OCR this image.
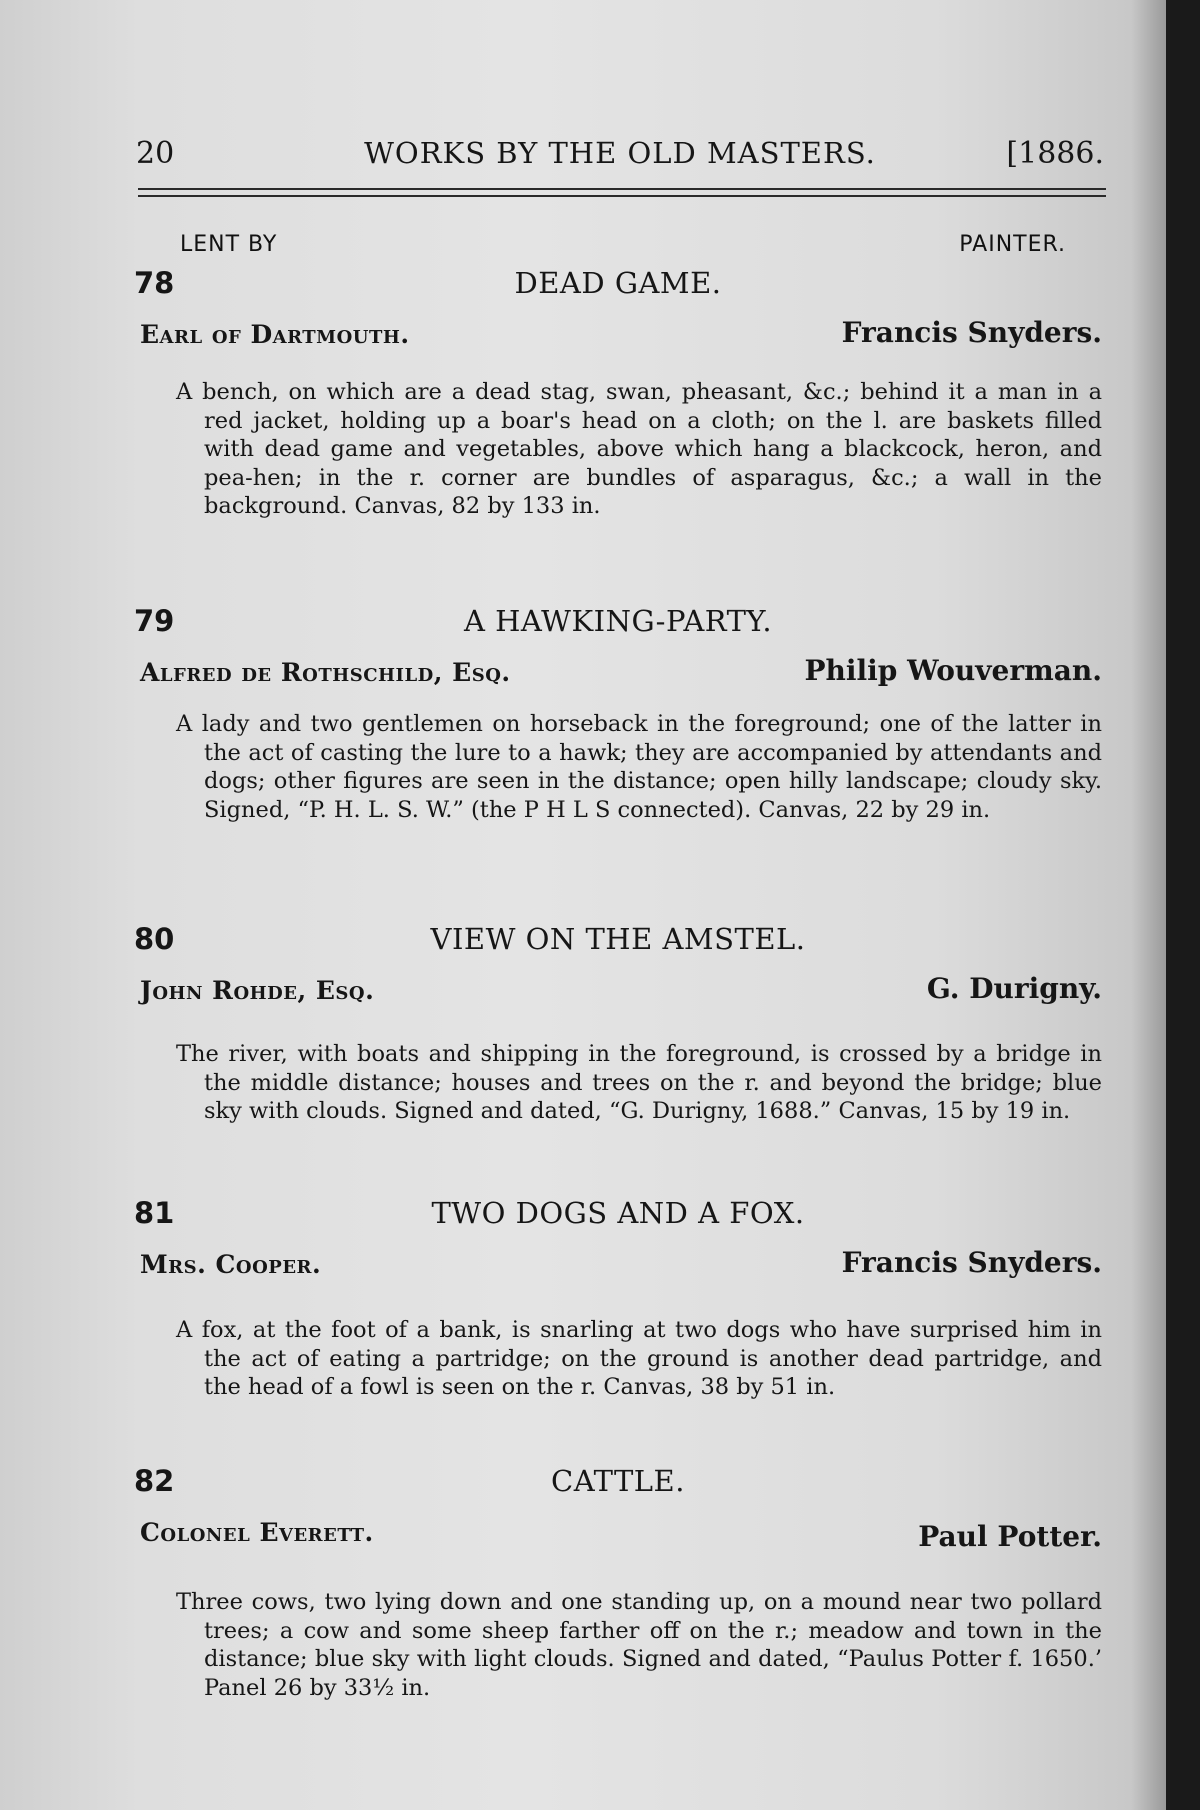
20	WORKS BY THE OLD MASTERS.	[1886.
LENT BY	PAINTER.
78	DEAD GAME.
Earl of Dartmouth.	Francis Snyders.
A bench, on which are a dead stag, swan, pheasant, &c.; behind it a man in a red jacket, holding up a boar's head on a cloth; on the l. are baskets filled with dead game and vegetables, above which hang a blackcock, heron, and pea-hen; in the r. corner are bundles of asparagus, &c.; a wall in the background. Canvas, 82 by 133 in.
79	A HAWKING-PARTY.
Alfred de Rothschild, Esq.	Philip Wouverman.
A lady and two gentlemen on horseback in the foreground; one of the latter in the act of casting the lure to a hawk; they are accompanied by attendants and dogs; other figures are seen in the distance; open hilly landscape; cloudy sky. Signed, “P. H. L. S. W.” (the P H L S connected). Canvas, 22 by 29 in.
80	VIEW ON THE AMSTEL.
John Rohde, Esq.	G. Durigny.
The river, with boats and shipping in the foreground, is crossed by a bridge in the middle distance; houses and trees on the r. and beyond the bridge; blue sky with clouds. Signed and dated, “G. Durigny, 1688.” Canvas, 15 by 19 in.
81	TWO DOGS AND A FOX.
Mrs. Cooper.	Francis Snyders.
A fox, at the foot of a bank, is snarling at two dogs who have surprised him in the act of eating a partridge; on the ground is another dead partridge, and the head of a fowl is seen on the r. Canvas, 38 by 51 in.
82	CATTLE.
Colonel Everett.	Paul Potter.
Three cows, two lying down and one standing up, on a mound near two pollard trees; a cow and some sheep farther off on the r.; meadow and town in the distance; blue sky with light clouds. Signed and dated, “Paulus Potter f. 1650.’ Panel 26 by 33½ in.
